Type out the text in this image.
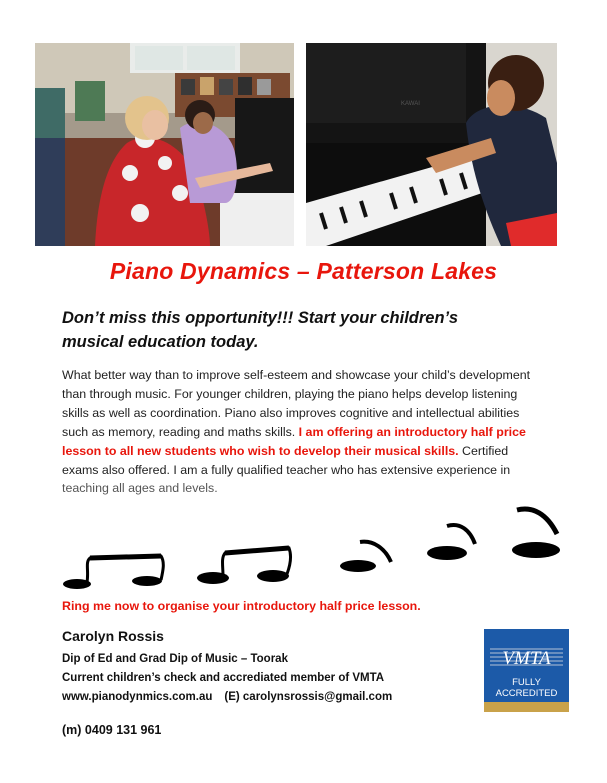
KAWAI
Piano Dynamics – Patterson Lakes
Don’t miss this opportunity!!! Start your children’s
musical education today.
What better way than to improve self-esteem and showcase your child’s development than through music. For younger children, playing the piano helps develop listening skills as well as coordination. Piano also improves cognitive and intellectual abilities such as memory, reading and maths skills. I am offering an introductory half price lesson to all new students who wish to develop their musical skills. Certified exams also offered. I am a fully qualified teacher who has extensive experience in teaching all ages and levels.
Ring me now to organise your introductory half price lesson.
Carolyn Rossis
Dip of Ed and Grad Dip of Music – Toorak
Current children’s check and accrediated member of VMTA
www.pianodynmics.com.au (E) carolynsrossis@gmail.com
(m) 0409 131 961
VMTA
FULLY
ACCREDITED
